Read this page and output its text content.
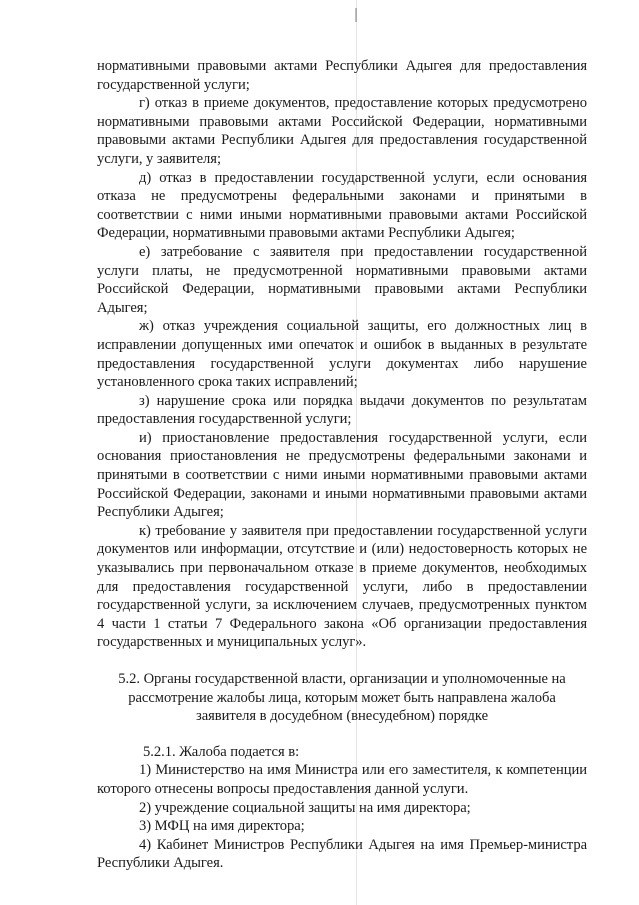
нормативными правовыми актами Республики Адыгея для предоставления государственной услуги;

г) отказ в приеме документов, предоставление которых предусмотрено нормативными правовыми актами Российской Федерации, нормативными правовыми актами Республики Адыгея для предоставления государственной услуги, у заявителя;

д) отказ в предоставлении государственной услуги, если основания отказа не предусмотрены федеральными законами и принятыми в соответствии с ними иными нормативными правовыми актами Российской Федерации, нормативными правовыми актами Республики Адыгея;

е) затребование с заявителя при предоставлении государственной услуги платы, не предусмотренной нормативными правовыми актами Российской Федерации, нормативными правовыми актами Республики Адыгея;

ж) отказ учреждения социальной защиты, его должностных лиц в исправлении допущенных ими опечаток и ошибок в выданных в результате предоставления государственной услуги документах либо нарушение установленного срока таких исправлений;

з) нарушение срока или порядка выдачи документов по результатам предоставления государственной услуги;

и) приостановление предоставления государственной услуги, если основания приостановления не предусмотрены федеральными законами и принятыми в соответствии с ними иными нормативными правовыми актами Российской Федерации, законами и иными нормативными правовыми актами Республики Адыгея;

к) требование у заявителя при предоставлении государственной услуги документов или информации, отсутствие и (или) недостоверность которых не указывались при первоначальном отказе в приеме документов, необходимых для предоставления государственной услуги, либо в предоставлении государственной услуги, за исключением случаев, предусмотренных пунктом 4 части 1 статьи 7 Федерального закона «Об организации предоставления государственных и муниципальных услуг».

5.2. Органы государственной власти, организации и уполномоченные на
рассмотрение жалобы лица, которым может быть направлена жалоба
заявителя в досудебном (внесудебном) порядке

5.2.1. Жалоба подается в:

1) Министерство на имя Министра или его заместителя, к компетенции которого отнесены вопросы предоставления данной услуги.

2) учреждение социальной защиты на имя директора;

3) МФЦ на имя директора;

4) Кабинет Министров Республики Адыгея на имя Премьер-министра Республики Адыгея.
